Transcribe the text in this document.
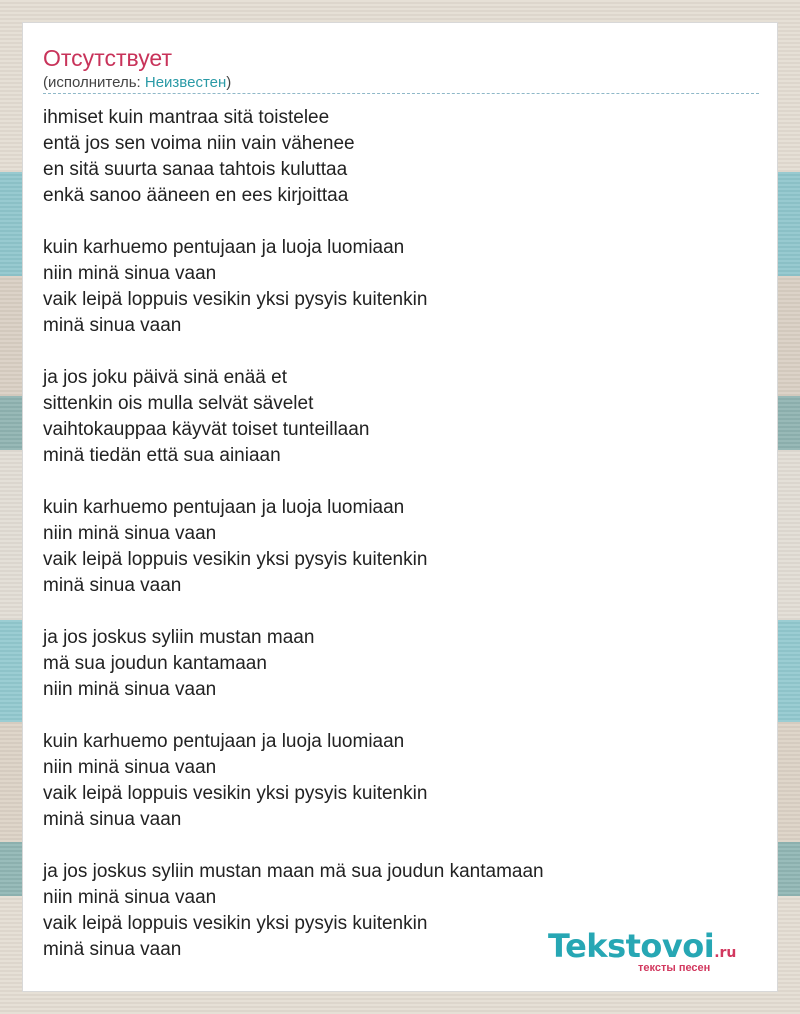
Отсутствует
(исполнитель: Неизвестен)
ihmiset kuin mantraa sitä toistelee
entä jos sen voima niin vain vähenee
en sitä suurta sanaa tahtois kuluttaa
enkä sanoo ääneen en ees kirjoittaa
kuin karhuemo pentujaan ja luoja luomiaan
niin minä sinua vaan
vaik leipä loppuis vesikin yksi pysyis kuitenkin
minä sinua vaan
ja jos joku päivä sinä enää et
sittenkin ois mulla selvät sävelet
vaihtokauppaa käyvät toiset tunteillaan
minä tiedän että sua ainiaan
kuin karhuemo pentujaan ja luoja luomiaan
niin minä sinua vaan
vaik leipä loppuis vesikin yksi pysyis kuitenkin
minä sinua vaan
ja jos joskus syliin mustan maan
mä sua joudun kantamaan
niin minä sinua vaan
kuin karhuemo pentujaan ja luoja luomiaan
niin minä sinua vaan
vaik leipä loppuis vesikin yksi pysyis kuitenkin
minä sinua vaan
ja jos joskus syliin mustan maan mä sua joudun kantamaan
niin minä sinua vaan
vaik leipä loppuis vesikin yksi pysyis kuitenkin
minä sinua vaan	Tekstovoi.ru
тексты песен
